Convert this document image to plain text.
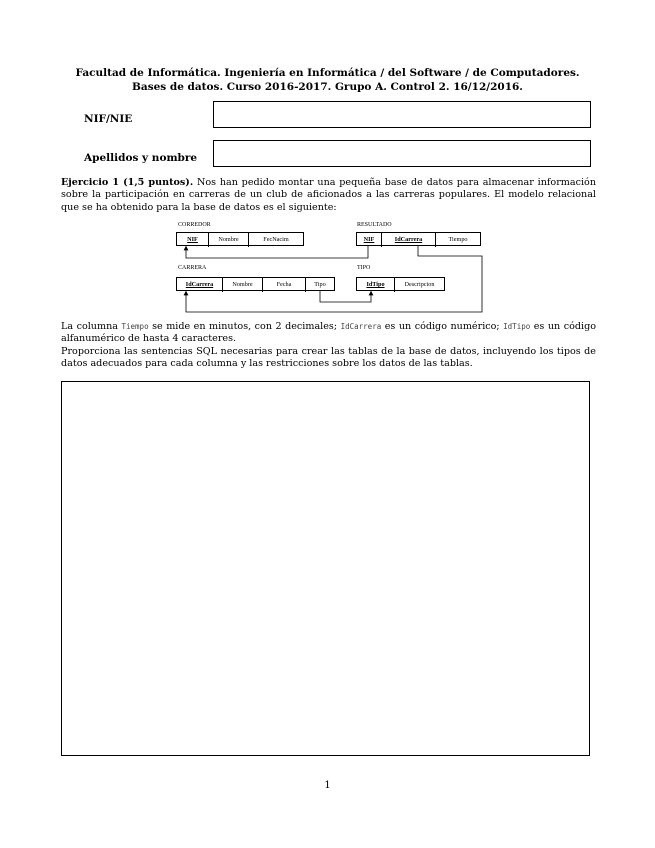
Facultad de Informática. Ingeniería en Informática / del Software / de Computadores.
Bases de datos. Curso 2016-2017. Grupo A. Control 2. 16/12/2016.
NIF/NIE
Apellidos y nombre
Ejercicio 1 (1,5 puntos). Nos han pedido montar una pequeña base de datos para almacenar información sobre la participación en carreras de un club de aficionados a las carreras populares. El modelo relacional que se ha obtenido para la base de datos es el siguiente:
CORREDOR
NIF	Nombre	FecNacim
RESULTADO
NIF	IdCarrera	Tiempo
CARRERA
IdCarrera	Nombre	Fecha	Tipo
TIPO
IdTipo	Descripcion
La columna Tiempo se mide en minutos, con 2 decimales; IdCarrera es un código numérico; IdTipo es un código alfanumérico de hasta 4 caracteres.
Proporciona las sentencias SQL necesarias para crear las tablas de la base de datos, incluyendo los tipos de datos adecuados para cada columna y las restricciones sobre los datos de las tablas.
1
